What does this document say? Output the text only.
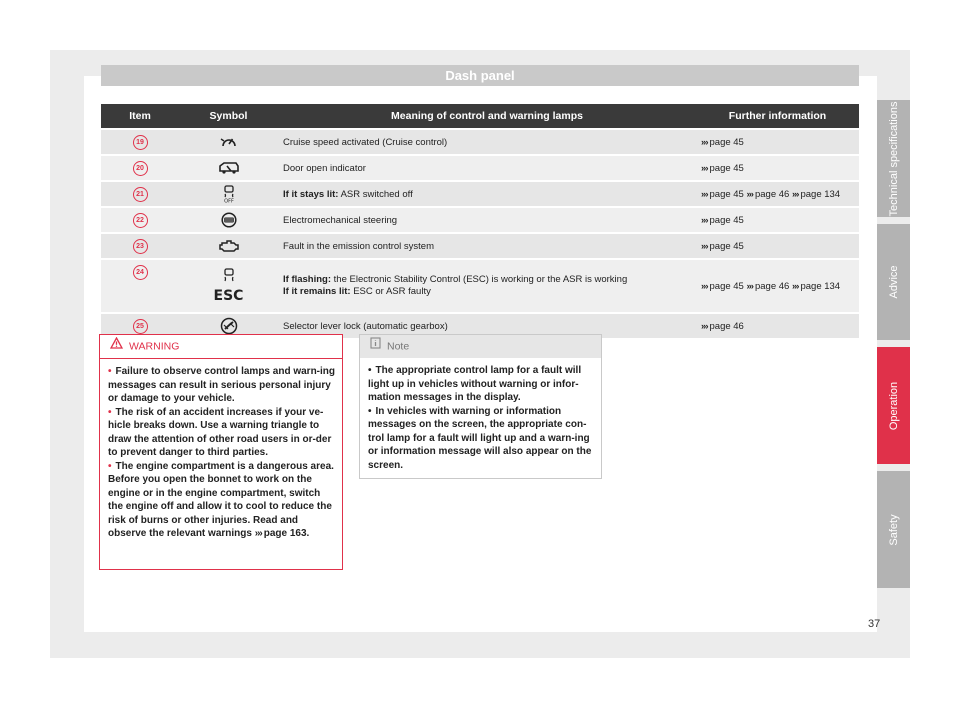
Dash panel
Item	Symbol	Meaning of control and warning lamps	Further information
19		Cruise speed activated (Cruise control)	››› page 45
20		Door open indicator	››› page 45
21	OFF	If it stays lit: ASR switched off	››› page 45 ››› page 46 ››› page 134
22		Electromechanical steering	››› page 45
23		Fault in the emission control system	››› page 45
24	ESC	If flashing: the Electronic Stability Control (ESC) is working or the ASR is working
If it remains lit: ESC or ASR faulty	››› page 45 ››› page 46 ››› page 134
25		Selector lever lock (automatic gearbox)	››› page 46
WARNING
• Failure to observe control lamps and warn-ing messages can result in serious personal injury or damage to your vehicle.
• The risk of an accident increases if your ve-hicle breaks down. Use a warning triangle to draw the attention of other road users in or-der to prevent danger to third parties.
• The engine compartment is a dangerous area. Before you open the bonnet to work on the engine or in the engine compartment, switch the engine off and allow it to cool to reduce the risk of burns or other injuries. Read and observe the relevant warnings ››› page 163.
Note
• The appropriate control lamp for a fault will light up in vehicles without warning or infor-mation messages in the display.
• In vehicles with warning or information messages on the screen, the appropriate con-trol lamp for a fault will light up and a warn-ing or information message will also appear on the screen.
Technical specifications
Advice
Operation
Safety
37
